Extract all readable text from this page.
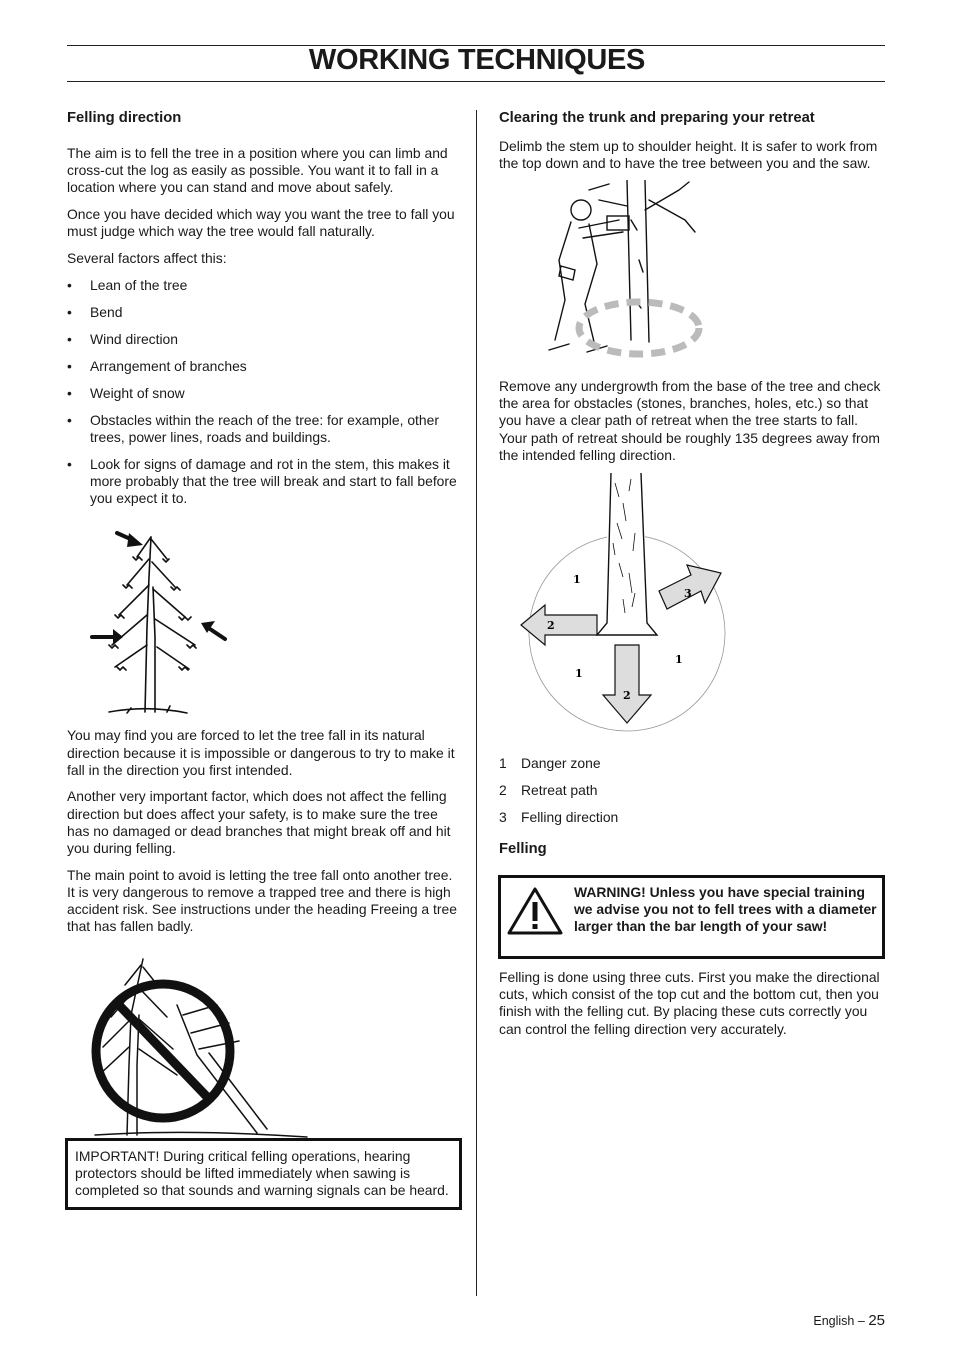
WORKING TECHNIQUES
Felling direction

The aim is to fell the tree in a position where you can limb and cross-cut the log as easily as possible. You want it to fall in a location where you can stand and move about safely.

Once you have decided which way you want the tree to fall you must judge which way the tree would fall naturally.

Several factors affect this:

• Lean of the tree
• Bend
• Wind direction
• Arrangement of branches
• Weight of snow
• Obstacles within the reach of the tree: for example, other trees, power lines, roads and buildings.
• Look for signs of damage and rot in the stem, this makes it more probably that the tree will break and start to fall before you expect it to.

You may find you are forced to let the tree fall in its natural direction because it is impossible or dangerous to try to make it fall in the direction you first intended.

Another very important factor, which does not affect the felling direction but does affect your safety, is to make sure the tree has no damaged or dead branches that might break off and hit you during felling.

The main point to avoid is letting the tree fall onto another tree. It is very dangerous to remove a trapped tree and there is high accident risk. See instructions under the heading Freeing a tree that has fallen badly.

IMPORTANT! During critical felling operations, hearing protectors should be lifted immediately when sawing is completed so that sounds and warning signals can be heard.
Clearing the trunk and preparing your retreat

Delimb the stem up to shoulder height. It is safer to work from the top down and to have the tree between you and the saw.

Remove any undergrowth from the base of the tree and check the area for obstacles (stones, branches, holes, etc.) so that you have a clear path of retreat when the tree starts to fall. Your path of retreat should be roughly 135 degrees away from the intended felling direction.

1
2
3
1
1
2
1 Danger zone
2 Retreat path
3 Felling direction
Felling
WARNING! Unless you have special training we advise you not to fell trees with a diameter larger than the bar length of your saw!

Felling is done using three cuts. First you make the directional cuts, which consist of the top cut and the bottom cut, then you finish with the felling cut. By placing these cuts correctly you can control the felling direction very accurately.

English – 25
